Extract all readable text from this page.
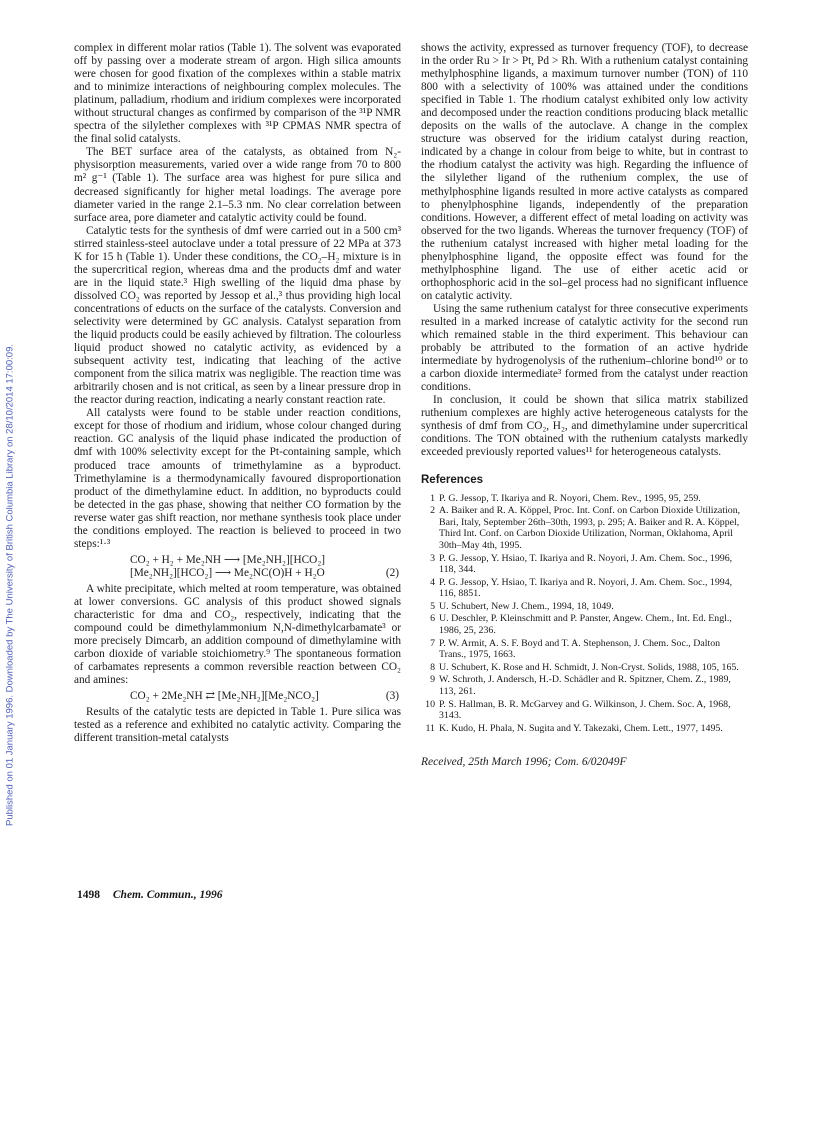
Published on 01 January 1996. Downloaded by The University of British Columbia Library on 28/10/2014 17:00:09.

complex in different molar ratios (Table 1). The solvent was evaporated off by passing over a moderate stream of argon. High silica amounts were chosen for good fixation of the complexes within a stable matrix and to minimize interactions of neighbouring complex molecules. The platinum, palladium, rhodium and iridium complexes were incorporated without structural changes as confirmed by comparison of the ³¹P NMR spectra of the silylether complexes with ³¹P CPMAS NMR spectra of the final solid catalysts.

The BET surface area of the catalysts, as obtained from N₂-physisorption measurements, varied over a wide range from 70 to 800 m² g⁻¹ (Table 1). The surface area was highest for pure silica and decreased significantly for higher metal loadings. The average pore diameter varied in the range 2.1–5.3 nm. No clear correlation between surface area, pore diameter and catalytic activity could be found.

Catalytic tests for the synthesis of dmf were carried out in a 500 cm³ stirred stainless-steel autoclave under a total pressure of 22 MPa at 373 K for 15 h (Table 1). Under these conditions, the CO₂–H₂ mixture is in the supercritical region, whereas dma and the products dmf and water are in the liquid state.³ High swelling of the liquid dma phase by dissolved CO₂ was reported by Jessop et al.,³ thus providing high local concentrations of educts on the surface of the catalysts. Conversion and selectivity were determined by GC analysis. Catalyst separation from the liquid products could be easily achieved by filtration. The colourless liquid product showed no catalytic activity, as evidenced by a subsequent activity test, indicating that leaching of the active component from the silica matrix was negligible. The reaction time was arbitrarily chosen and is not critical, as seen by a linear pressure drop in the reactor during reaction, indicating a nearly constant reaction rate.

All catalysts were found to be stable under reaction conditions, except for those of rhodium and iridium, whose colour changed during reaction. GC analysis of the liquid phase indicated the production of dmf with 100% selectivity except for the Pt-containing sample, which produced trace amounts of trimethylamine as a byproduct. Trimethylamine is a thermodynamically favoured disproportionation product of the dimethylamine educt. In addition, no byproducts could be detected in the gas phase, showing that neither CO formation by the reverse water gas shift reaction, nor methane synthesis took place under the conditions employed. The reaction is believed to proceed in two steps:¹·³

CO₂ + H₂ + Me₂NH ⟶ [Me₂NH₂][HCO₂]
[Me₂NH₂][HCO₂] ⟶ Me₂NC(O)H + H₂O	(2)

A white precipitate, which melted at room temperature, was obtained at lower conversions. GC analysis of this product showed signals characteristic for dma and CO₂, respectively, indicating that the compound could be dimethylammonium N,N-dimethylcarbamate³ or more precisely Dimcarb, an addition compound of dimethylamine with carbon dioxide of variable stoichiometry.⁹ The spontaneous formation of carbamates represents a common reversible reaction between CO₂ and amines:

CO₂ + 2Me₂NH ⇄ [Me₂NH₂][Me₂NCO₂]	(3)

Results of the catalytic tests are depicted in Table 1. Pure silica was tested as a reference and exhibited no catalytic activity. Comparing the different transition-metal catalysts

shows the activity, expressed as turnover frequency (TOF), to decrease in the order Ru > Ir > Pt, Pd > Rh. With a ruthenium catalyst containing methylphosphine ligands, a maximum turnover number (TON) of 110 800 with a selectivity of 100% was attained under the conditions specified in Table 1. The rhodium catalyst exhibited only low activity and decomposed under the reaction conditions producing black metallic deposits on the walls of the autoclave. A change in the complex structure was observed for the iridium catalyst during reaction, indicated by a change in colour from beige to white, but in contrast to the rhodium catalyst the activity was high. Regarding the influence of the silylether ligand of the ruthenium complex, the use of methylphosphine ligands resulted in more active catalysts as compared to phenylphosphine ligands, independently of the preparation conditions. However, a different effect of metal loading on activity was observed for the two ligands. Whereas the turnover frequency (TOF) of the ruthenium catalyst increased with higher metal loading for the phenylphosphine ligand, the opposite effect was found for the methylphosphine ligand. The use of either acetic acid or orthophosphoric acid in the sol–gel process had no significant influence on catalytic activity.

Using the same ruthenium catalyst for three consecutive experiments resulted in a marked increase of catalytic activity for the second run which remained stable in the third experiment. This behaviour can probably be attributed to the formation of an active hydride intermediate by hydrogenolysis of the ruthenium–chlorine bond¹⁰ or to a carbon dioxide intermediate³ formed from the catalyst under reaction conditions.

In conclusion, it could be shown that silica matrix stabilized ruthenium complexes are highly active heterogeneous catalysts for the synthesis of dmf from CO₂, H₂, and dimethylamine under supercritical conditions. The TON obtained with the ruthenium catalysts markedly exceeded previously reported values¹¹ for heterogeneous catalysts.

References
1 P. G. Jessop, T. Ikariya and R. Noyori, Chem. Rev., 1995, 95, 259.
2 A. Baiker and R. A. Köppel, Proc. Int. Conf. on Carbon Dioxide Utilization, Bari, Italy, September 26th–30th, 1993, p. 295; A. Baiker and R. A. Köppel, Third Int. Conf. on Carbon Dioxide Utilization, Norman, Oklahoma, April 30th–May 4th, 1995.
3 P. G. Jessop, Y. Hsiao, T. Ikariya and R. Noyori, J. Am. Chem. Soc., 1996, 118, 344.
4 P. G. Jessop, Y. Hsiao, T. Ikariya and R. Noyori, J. Am. Chem. Soc., 1994, 116, 8851.
5 U. Schubert, New J. Chem., 1994, 18, 1049.
6 U. Deschler, P. Kleinschmitt and P. Panster, Angew. Chem., Int. Ed. Engl., 1986, 25, 236.
7 P. W. Armit, A. S. F. Boyd and T. A. Stephenson, J. Chem. Soc., Dalton Trans., 1975, 1663.
8 U. Schubert, K. Rose and H. Schmidt, J. Non-Cryst. Solids, 1988, 105, 165.
9 W. Schroth, J. Andersch, H.-D. Schädler and R. Spitzner, Chem. Z., 1989, 113, 261.
10 P. S. Hallman, B. R. McGarvey and G. Wilkinson, J. Chem. Soc. A, 1968, 3143.
11 K. Kudo, H. Phala, N. Sugita and Y. Takezaki, Chem. Lett., 1977, 1495.
Received, 25th March 1996; Com. 6/02049F
1498 Chem. Commun., 1996
